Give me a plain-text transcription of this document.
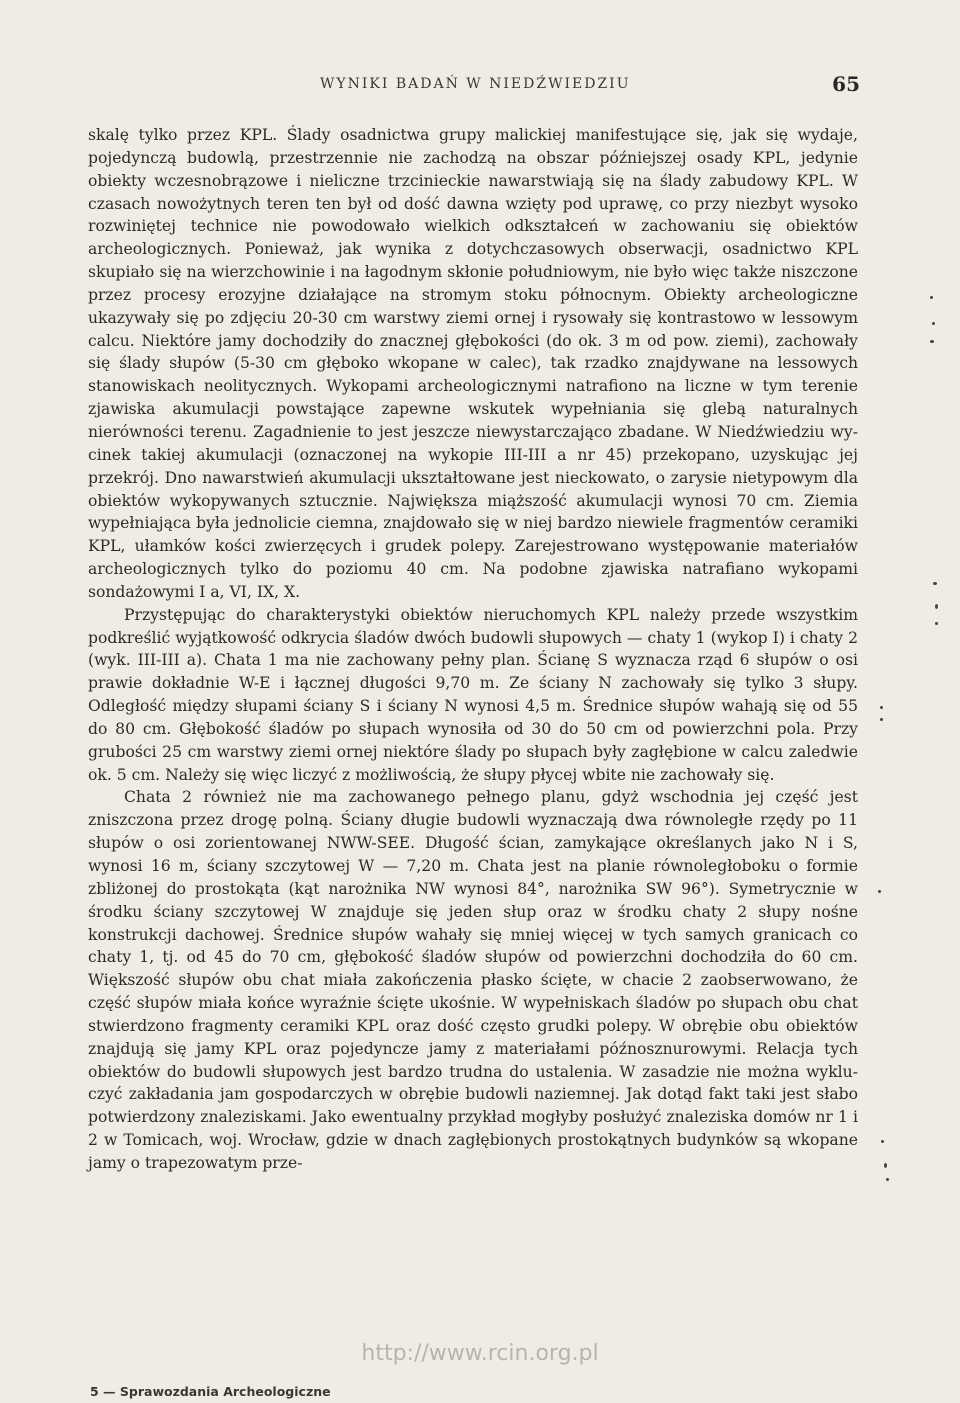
WYNIKI BADAŃ W NIEDŹWIEDZIU	65

skalę tylko przez KPL. Ślady osadnictwa grupy malickiej manifestujące się, jak się wydaje, pojedynczą budowlą, przestrzennie nie zachodzą na obszar późniejszej osady KPL, jedynie obiekty wczesnobrązowe i nieliczne trzcinieckie nawarstwiają się na ślady zabudowy KPL. W czasach nowożytnych teren ten był od dość dawna wzięty pod uprawę, co przy niezbyt wysoko rozwiniętej technice nie powodowało wielkich odkształceń w zachowaniu się obiektów archeologicznych. Ponieważ, jak wynika z dotychczasowych obserwacji, osadnictwo KPL skupiało się na wierzchowinie i na łagodnym skłonie południowym, nie było więc także niszczone przez procesy erozyjne działające na stromym stoku północnym. Obiekty archeologiczne ukazywały się po zdjęciu 20-30 cm warstwy ziemi ornej i rysowały się kontrastowo w lessowym calcu. Niektóre jamy dochodziły do znacznej głębokości (do ok. 3 m od pow. ziemi), zachowały się ślady słupów (5-30 cm głęboko wkopane w calec), tak rzadko znajdywane na lessowych stanowiskach neolitycznych. Wykopami archeologicznymi natrafiono na liczne w tym terenie zjawiska akumulacji powstające zapewne wskutek wypełniania się glebą naturalnych nierówności terenu. Zagadnienie to jest jeszcze niewystarczająco zbadane. W Niedźwiedziu wycinek takiej akumulacji (oznaczonej na wykopie III-III a nr 45) przekopano, uzyskując jej przekrój. Dno nawarstwień akumulacji ukształtowane jest nieckowato, o zarysie nietypowym dla obiektów wykopywanych sztucznie. Największa miąższość akumulacji wynosi 70 cm. Ziemia wypełniająca była jednolicie ciemna, znajdowało się w niej bardzo niewiele fragmentów ceramiki KPL, ułamków kości zwierzęcych i grudek polepy. Zarejestrowano występowanie materiałów archeologicznych tylko do poziomu 40 cm. Na podobne zjawiska natrafiano wykopami sondażowymi I a, VI, IX, X.

Przystępując do charakterystyki obiektów nieruchomych KPL należy przede wszystkim podkreślić wyjątkowość odkrycia śladów dwóch budowli słupowych — chaty 1 (wykop I) i chaty 2 (wyk. III-III a). Chata 1 ma nie zachowany pełny plan. Ścianę S wyznacza rząd 6 słupów o osi prawie dokładnie W-E i łącznej długości 9,70 m. Ze ściany N zachowały się tylko 3 słupy. Odległość między słupami ściany S i ściany N wynosi 4,5 m. Średnice słupów wahają się od 55 do 80 cm. Głębokość śladów po słupach wynosiła od 30 do 50 cm od powierzchni pola. Przy grubości 25 cm warstwy ziemi ornej niektóre ślady po słupach były zagłębione w calcu zaledwie ok. 5 cm. Należy się więc liczyć z możliwością, że słupy płycej wbite nie zachowały się.

Chata 2 również nie ma zachowanego pełnego planu, gdyż wschodnia jej część jest zniszczona przez drogę polną. Ściany długie budowli wyznaczają dwa równoległe rzędy po 11 słupów o osi zorientowanej NWW-SEE. Długość ścian, zamykające określanych jako N i S, wynosi 16 m, ściany szczytowej W — 7,20 m. Chata jest na planie równoległoboku o formie zbliżonej do prostokąta (kąt narożnika NW wynosi 84°, narożnika SW 96°). Symetrycznie w środku ściany szczytowej W znajduje się jeden słup oraz w środku chaty 2 słupy nośne konstrukcji dachowej. Średnice słupów wahały się mniej więcej w tych samych granicach co chaty 1, tj. od 45 do 70 cm, głębokość śladów słupów od powierzchni dochodziła do 60 cm. Większość słupów obu chat miała zakończenia płasko ścięte, w chacie 2 zaobserwowano, że część słupów miała końce wyraźnie ścięte ukośnie. W wypełniskach śladów po słupach obu chat stwierdzono fragmenty ceramiki KPL oraz dość często grudki polepy. W obrębie obu obiektów znajdują się jamy KPL oraz pojedyncze jamy z materiałami późnosznurowymi. Relacja tych obiektów do budowli słupowych jest bardzo trudna do ustalenia. W zasadzie nie można wykluczyć zakładania jam gospodarczych w obrębie budowli naziemnej. Jak dotąd fakt taki jest słabo potwierdzony znaleziskami. Jako ewentualny przykład mogłyby posłużyć znaleziska domów nr 1 i 2 w Tomicach, woj. Wrocław, gdzie w dnach zagłębionych prostokątnych budynków są wkopane jamy o trapezowatym prze-

http://www.rcin.org.pl
5 — Sprawozdania Archeologiczne
